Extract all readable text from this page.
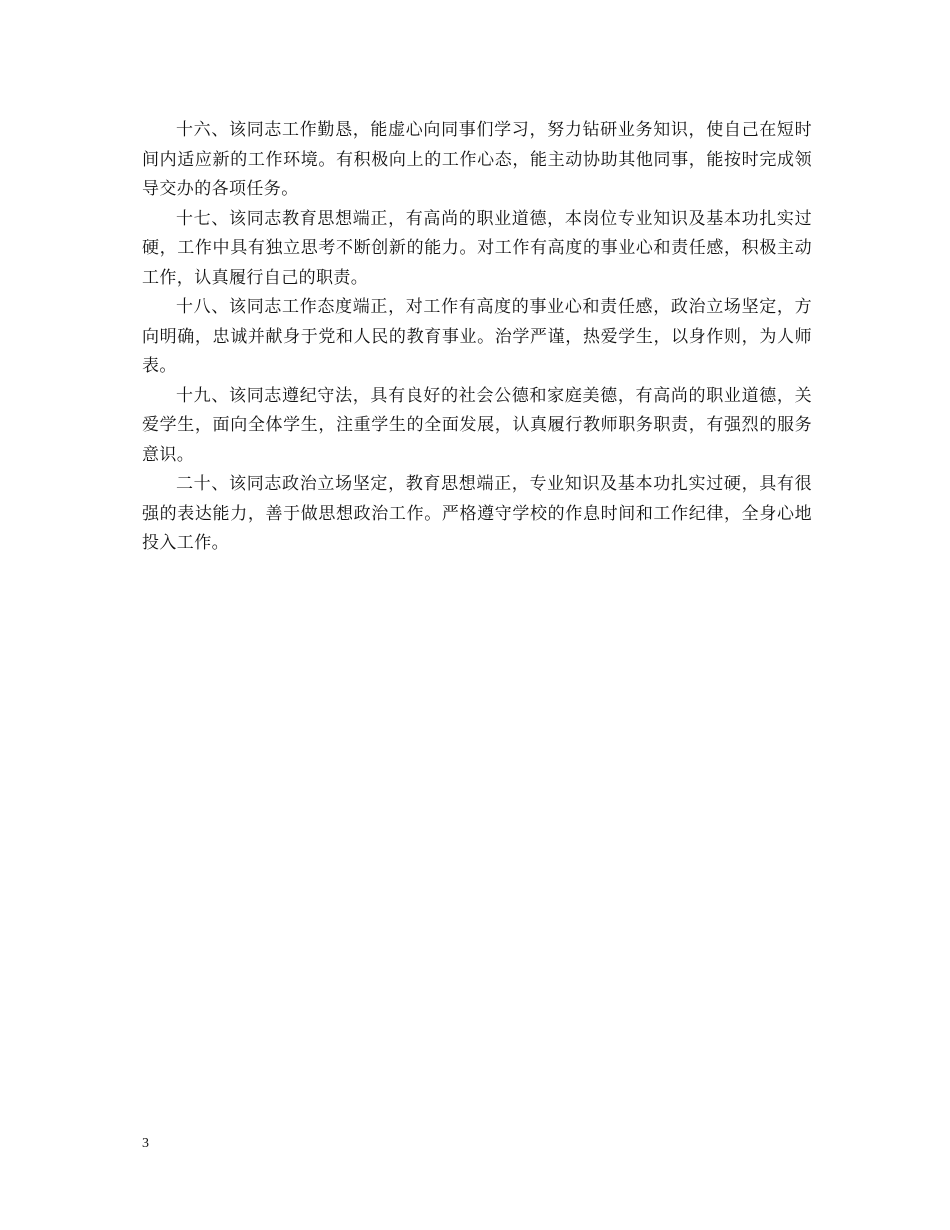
十六、该同志工作勤恳，能虚心向同事们学习，努力钻研业务知识，使自己在短时间内适应新的工作环境。有积极向上的工作心态，能主动协助其他同事，能按时完成领导交办的各项任务。

十七、该同志教育思想端正，有高尚的职业道德，本岗位专业知识及基本功扎实过硬，工作中具有独立思考不断创新的能力。对工作有高度的事业心和责任感，积极主动工作，认真履行自己的职责。

十八、该同志工作态度端正，对工作有高度的事业心和责任感，政治立场坚定，方向明确，忠诚并献身于党和人民的教育事业。治学严谨，热爱学生，以身作则，为人师表。

十九、该同志遵纪守法，具有良好的社会公德和家庭美德，有高尚的职业道德，关爱学生，面向全体学生，注重学生的全面发展，认真履行教师职务职责，有强烈的服务意识。

二十、该同志政治立场坚定，教育思想端正，专业知识及基本功扎实过硬，具有很强的表达能力，善于做思想政治工作。严格遵守学校的作息时间和工作纪律，全身心地投入工作。

3
